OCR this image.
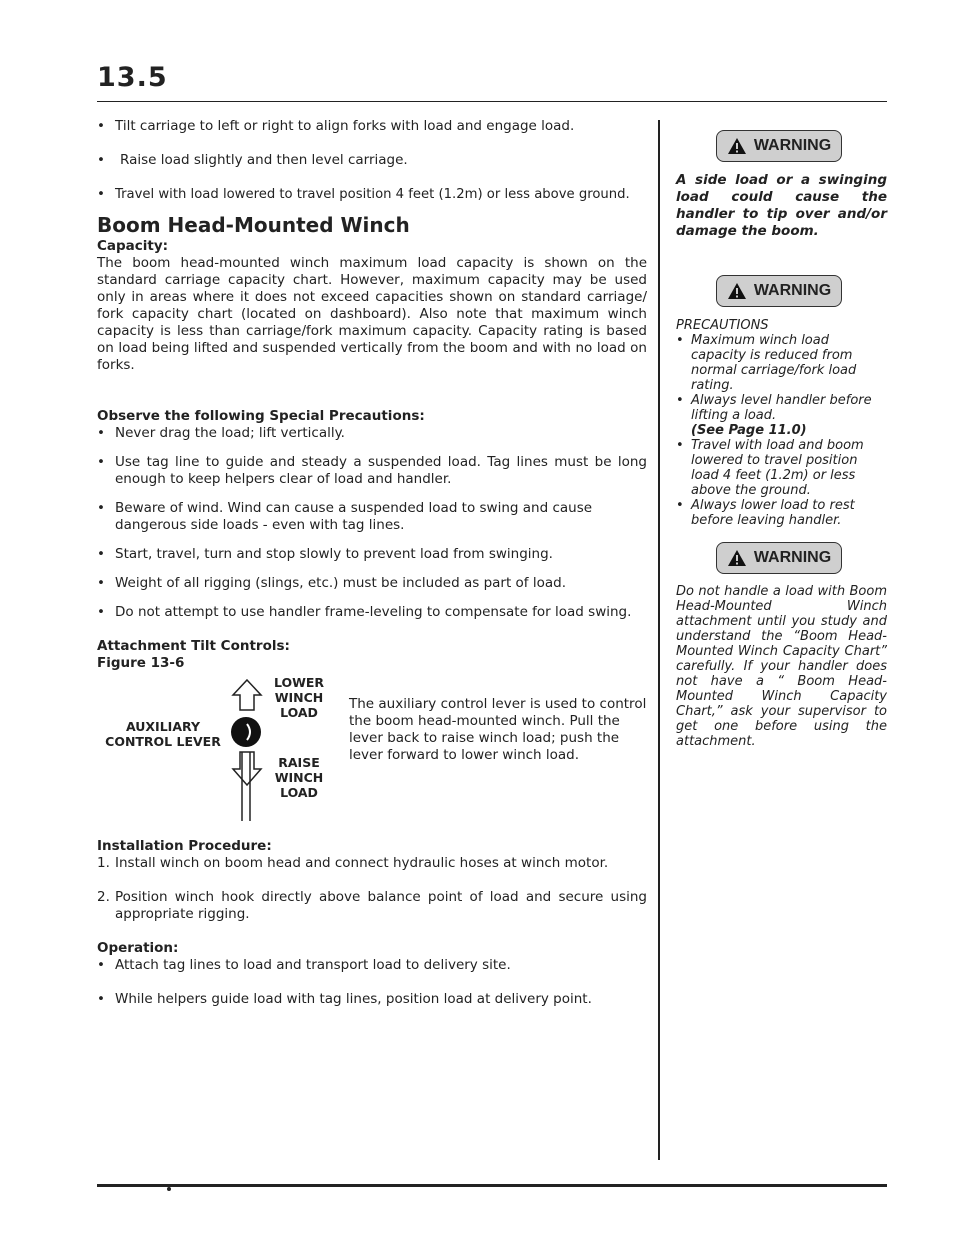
13.5
• Tilt carriage to left or right to align forks with load and engage load.
•	Raise load slightly and then level carriage.
• Travel with load lowered to travel position 4 feet (1.2m) or less above ground.
Boom Head-Mounted Winch
Capacity:
The boom head-mounted winch maximum load capacity is shown on the standard carriage capacity chart. However, maximum capacity may be used only in areas where it does not exceed capacities shown on standard carriage/ fork capacity chart (located on dashboard). Also note that maximum winch capacity is less than carriage/fork maximum capacity. Capacity rating is based on load being lifted and suspended vertically from the boom and with no load on forks.
Observe the following Special Precautions:
• Never drag the load; lift vertically.
• Use tag line to guide and steady a suspended load. Tag lines must be long enough to keep helpers clear of load and handler.
• Beware of wind. Wind can cause a suspended load to swing and cause dangerous side loads - even with tag lines.
• Start, travel, turn and stop slowly to prevent load from swinging.
• Weight of all rigging (slings, etc.) must be included as part of load.
• Do not attempt to use handler frame-leveling to compensate for load swing.
Attachment Tilt Controls:
Figure 13-6
LOWER WINCH LOAD
RAISE WINCH LOAD
AUXILIARY CONTROL LEVER
The auxiliary control lever is used to control the boom head-mounted winch. Pull the lever back to raise winch load; push the lever forward to lower winch load.
Installation Procedure:
1. Install winch on boom head and connect hydraulic hoses at winch motor.
2. Position winch hook directly above balance point of load and secure using appropriate rigging.
Operation:
• Attach tag lines to load and transport load to delivery site.
• While helpers guide load with tag lines, position load at delivery point.
WARNING
A side load or a swinging load could cause the handler to tip over and/or damage the boom.
WARNING
PRECAUTIONS
• Maximum winch load capacity is reduced from normal carriage/fork load rating.
• Always level handler before lifting a load.
(See Page 11.0)
• Travel with load and boom lowered to travel position load 4 feet (1.2m) or less above the ground.
• Always lower load to rest before leaving handler.
WARNING
Do not handle a load with Boom Head-Mounted Winch attachment until you study and understand the “Boom Head-Mounted Winch Capacity Chart” carefully. If your handler does not have a “ Boom Head-Mounted Winch Capacity Chart,” ask your supervisor to get one before using the attachment.
